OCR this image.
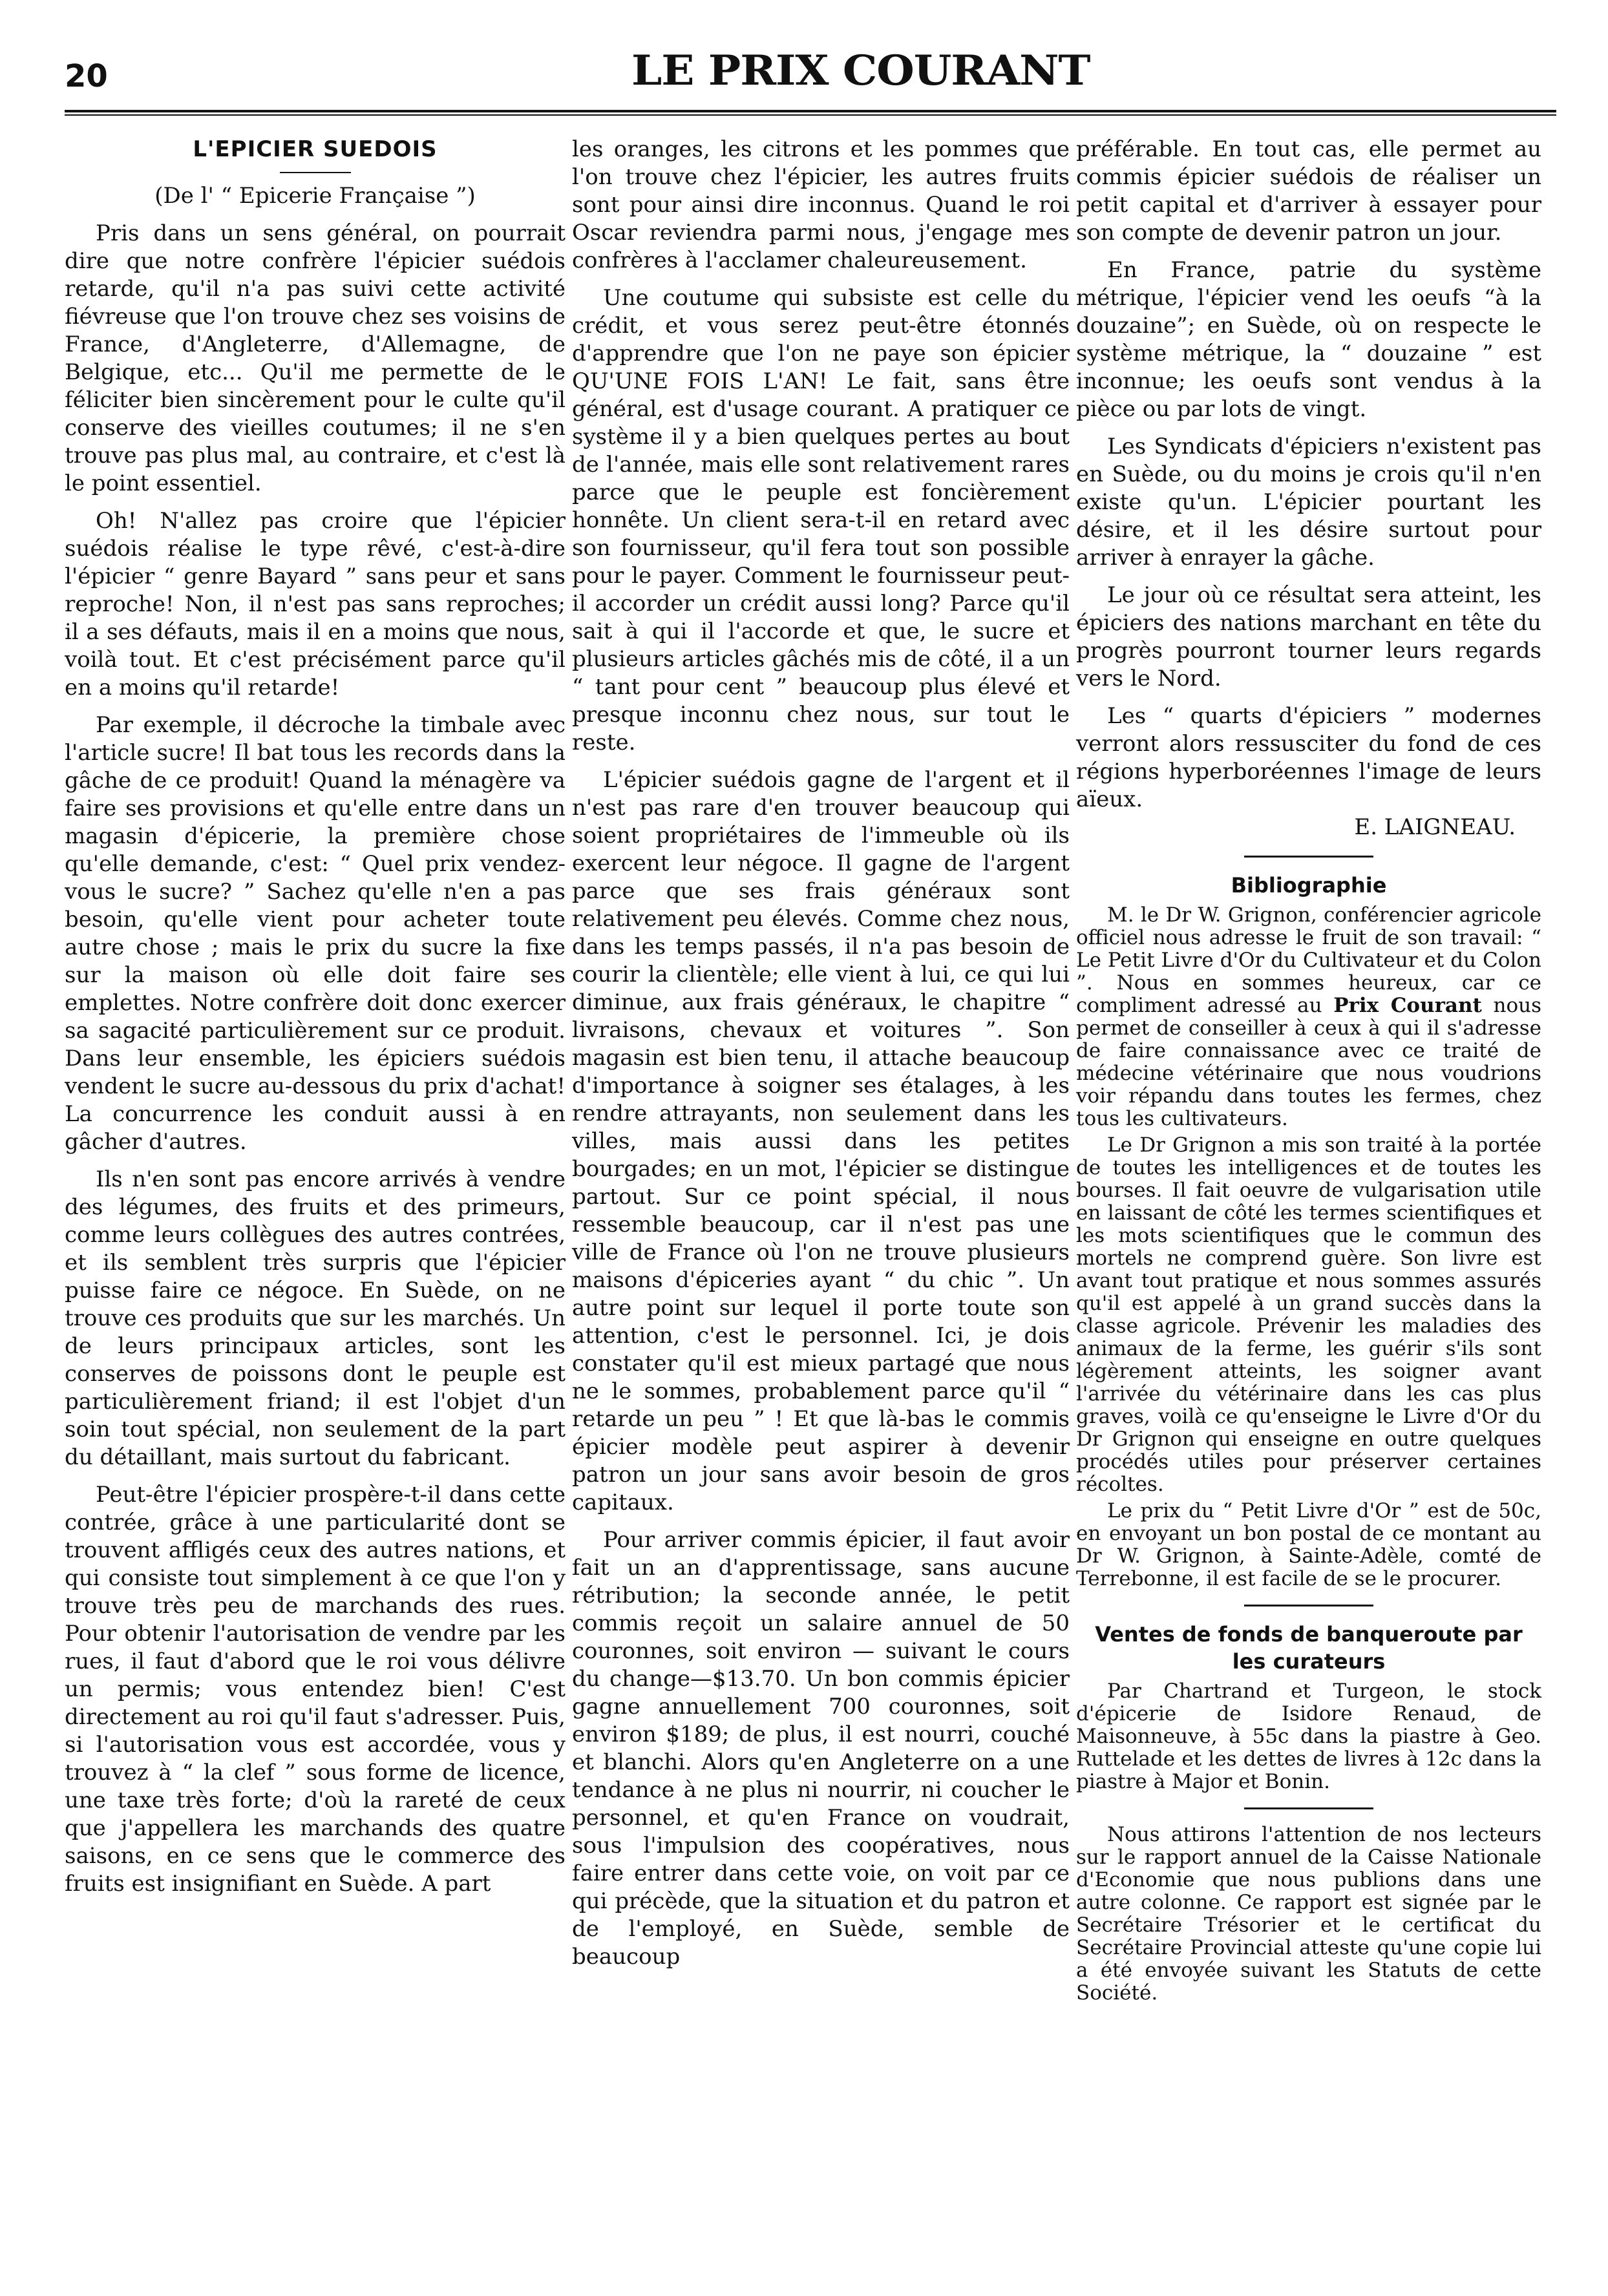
20	LE PRIX COURANT
L'EPICIER SUEDOIS

(De l' “ Epicerie Française ”)

Pris dans un sens général, on pourrait dire que notre confrère l'épicier suédois retarde, qu'il n'a pas suivi cette activité fiévreuse que l'on trouve chez ses voisins de France, d'Angleterre, d'Allemagne, de Belgique, etc... Qu'il me permette de le féliciter bien sincèrement pour le culte qu'il conserve des vieilles coutumes; il ne s'en trouve pas plus mal, au contraire, et c'est là le point essentiel.

Oh! N'allez pas croire que l'épicier suédois réalise le type rêvé, c'est-à-dire l'épicier “ genre Bayard ” sans peur et sans reproche! Non, il n'est pas sans reproches; il a ses défauts, mais il en a moins que nous, voilà tout. Et c'est précisément parce qu'il en a moins qu'il retarde!

Par exemple, il décroche la timbale avec l'article sucre! Il bat tous les records dans la gâche de ce produit! Quand la ménagère va faire ses provisions et qu'elle entre dans un magasin d'épicerie, la première chose qu'elle demande, c'est: “ Quel prix vendez-vous le sucre? ” Sachez qu'elle n'en a pas besoin, qu'elle vient pour acheter toute autre chose ; mais le prix du sucre la fixe sur la maison où elle doit faire ses emplettes. Notre confrère doit donc exercer sa sagacité particulièrement sur ce produit. Dans leur ensemble, les épiciers suédois vendent le sucre au-dessous du prix d'achat! La concurrence les conduit aussi à en gâcher d'autres.

Ils n'en sont pas encore arrivés à vendre des légumes, des fruits et des primeurs, comme leurs collègues des autres contrées, et ils semblent très surpris que l'épicier puisse faire ce négoce. En Suède, on ne trouve ces produits que sur les marchés. Un de leurs principaux articles, sont les conserves de poissons dont le peuple est particulièrement friand; il est l'objet d'un soin tout spécial, non seulement de la part du détaillant, mais surtout du fabricant.

Peut-être l'épicier prospère-t-il dans cette contrée, grâce à une particularité dont se trouvent affligés ceux des autres nations, et qui consiste tout simplement à ce que l'on y trouve très peu de marchands des rues. Pour obtenir l'autorisation de vendre par les rues, il faut d'abord que le roi vous délivre un permis; vous entendez bien! C'est directement au roi qu'il faut s'adresser. Puis, si l'autorisation vous est accordée, vous y trouvez à “ la clef ” sous forme de licence, une taxe très forte; d'où la rareté de ceux que j'appellera les marchands des quatre saisons, en ce sens que le commerce des fruits est insignifiant en Suède. A part

les oranges, les citrons et les pommes que l'on trouve chez l'épicier, les autres fruits sont pour ainsi dire inconnus. Quand le roi Oscar reviendra parmi nous, j'engage mes confrères à l'acclamer chaleureusement.

Une coutume qui subsiste est celle du crédit, et vous serez peut-être étonnés d'apprendre que l'on ne paye son épicier QU'UNE FOIS L'AN! Le fait, sans être général, est d'usage courant. A pratiquer ce système il y a bien quelques pertes au bout de l'année, mais elle sont relativement rares parce que le peuple est foncièrement honnête. Un client sera-t-il en retard avec son fournisseur, qu'il fera tout son possible pour le payer. Comment le fournisseur peut-il accorder un crédit aussi long? Parce qu'il sait à qui il l'accorde et que, le sucre et plusieurs articles gâchés mis de côté, il a un “ tant pour cent ” beaucoup plus élevé et presque inconnu chez nous, sur tout le reste.

L'épicier suédois gagne de l'argent et il n'est pas rare d'en trouver beaucoup qui soient propriétaires de l'immeuble où ils exercent leur négoce. Il gagne de l'argent parce que ses frais généraux sont relativement peu élevés. Comme chez nous, dans les temps passés, il n'a pas besoin de courir la clientèle; elle vient à lui, ce qui lui diminue, aux frais généraux, le chapitre “ livraisons, chevaux et voitures ”. Son magasin est bien tenu, il attache beaucoup d'importance à soigner ses étalages, à les rendre attrayants, non seulement dans les villes, mais aussi dans les petites bourgades; en un mot, l'épicier se distingue partout. Sur ce point spécial, il nous ressemble beaucoup, car il n'est pas une ville de France où l'on ne trouve plusieurs maisons d'épiceries ayant “ du chic ”. Un autre point sur lequel il porte toute son attention, c'est le personnel. Ici, je dois constater qu'il est mieux partagé que nous ne le sommes, probablement parce qu'il “ retarde un peu ” ! Et que là-bas le commis épicier modèle peut aspirer à devenir patron un jour sans avoir besoin de gros capitaux.

Pour arriver commis épicier, il faut avoir fait un an d'apprentissage, sans aucune rétribution; la seconde année, le petit commis reçoit un salaire annuel de 50 couronnes, soit environ — suivant le cours du change—$13.70. Un bon commis épicier gagne annuellement 700 couronnes, soit environ $189; de plus, il est nourri, couché et blanchi. Alors qu'en Angleterre on a une tendance à ne plus ni nourrir, ni coucher le personnel, et qu'en France on voudrait, sous l'impulsion des coopératives, nous faire entrer dans cette voie, on voit par ce qui précède, que la situation et du patron et de l'employé, en Suède, semble de beaucoup

préférable. En tout cas, elle permet au commis épicier suédois de réaliser un petit capital et d'arriver à essayer pour son compte de devenir patron un jour.

En France, patrie du système métrique, l'épicier vend les oeufs “à la douzaine”; en Suède, où on respecte le système métrique, la “ douzaine ” est inconnue; les oeufs sont vendus à la pièce ou par lots de vingt.

Les Syndicats d'épiciers n'existent pas en Suède, ou du moins je crois qu'il n'en existe qu'un. L'épicier pourtant les désire, et il les désire surtout pour arriver à enrayer la gâche.

Le jour où ce résultat sera atteint, les épiciers des nations marchant en tête du progrès pourront tourner leurs regards vers le Nord.

Les “ quarts d'épiciers ” modernes verront alors ressusciter du fond de ces régions hyperboréennes l'image de leurs aïeux.

E. LAIGNEAU.

Bibliographie

M. le Dr W. Grignon, conférencier agricole officiel nous adresse le fruit de son travail: “ Le Petit Livre d'Or du Cultivateur et du Colon ”. Nous en sommes heureux, car ce compliment adressé au Prix Courant nous permet de conseiller à ceux à qui il s'adresse de faire connaissance avec ce traité de médecine vétérinaire que nous voudrions voir répandu dans toutes les fermes, chez tous les cultivateurs.

Le Dr Grignon a mis son traité à la portée de toutes les intelligences et de toutes les bourses. Il fait oeuvre de vulgarisation utile en laissant de côté les termes scientifiques et les mots scientifiques que le commun des mortels ne comprend guère. Son livre est avant tout pratique et nous sommes assurés qu'il est appelé à un grand succès dans la classe agricole. Prévenir les maladies des animaux de la ferme, les guérir s'ils sont légèrement atteints, les soigner avant l'arrivée du vétérinaire dans les cas plus graves, voilà ce qu'enseigne le Livre d'Or du Dr Grignon qui enseigne en outre quelques procédés utiles pour préserver certaines récoltes.

Le prix du “ Petit Livre d'Or ” est de 50c, en envoyant un bon postal de ce montant au Dr W. Grignon, à Sainte-Adèle, comté de Terrebonne, il est facile de se le procurer.

Ventes de fonds de banqueroute par les curateurs

Par Chartrand et Turgeon, le stock d'épicerie de Isidore Renaud, de Maisonneuve, à 55c dans la piastre à Geo. Ruttelade et les dettes de livres à 12c dans la piastre à Major et Bonin.

Nous attirons l'attention de nos lecteurs sur le rapport annuel de la Caisse Nationale d'Economie que nous publions dans une autre colonne. Ce rapport est signée par le Secrétaire Trésorier et le certificat du Secrétaire Provincial atteste qu'une copie lui a été envoyée suivant les Statuts de cette Société.
